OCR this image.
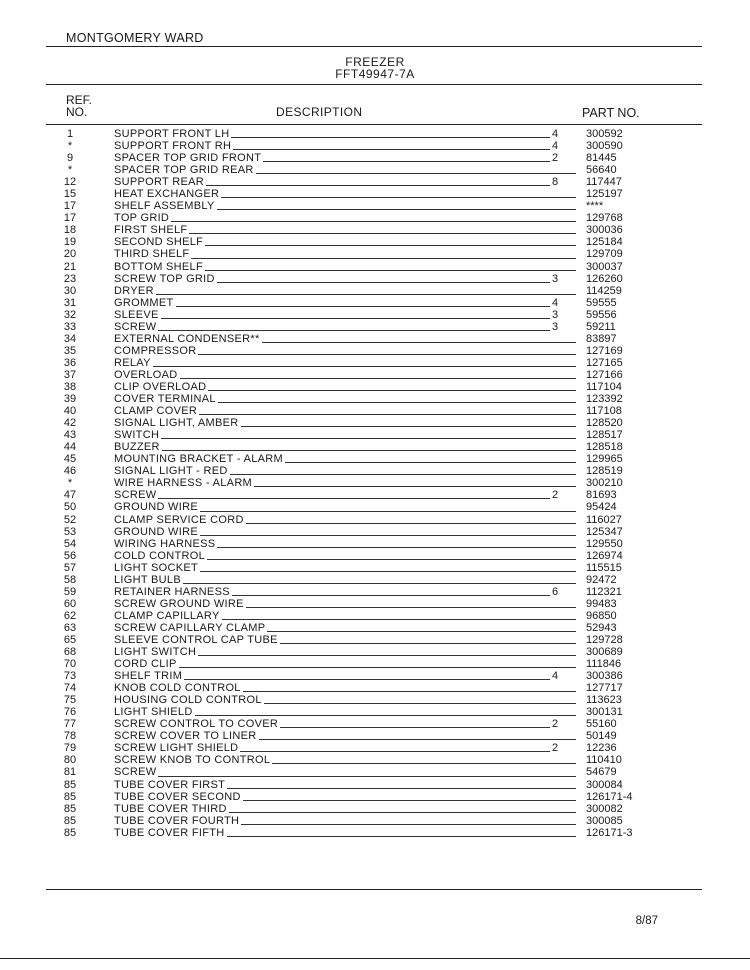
MONTGOMERY WARD
FREEZER
FFT49947-7A
REF.
NO.	DESCRIPTION	PART NO.
1	SUPPORT FRONT LH	4	300592
*	SUPPORT FRONT RH	4	300590
9	SPACER TOP GRID FRONT	2	81445
*	SPACER TOP GRID REAR	56640
12	SUPPORT REAR	8	117447
15	HEAT EXCHANGER	125197
17	SHELF ASSEMBLY	****
17	TOP GRID	129768
18	FIRST SHELF	300036
19	SECOND SHELF	125184
20	THIRD SHELF	129709
21	BOTTOM SHELF	300037
23	SCREW TOP GRID	3	126260
30	DRYER	114259
31	GROMMET	4	59555
32	SLEEVE	3	59556
33	SCREW	3	59211
34	EXTERNAL CONDENSER**	83897
35	COMPRESSOR	127169
36	RELAY	127165
37	OVERLOAD	127166
38	CLIP OVERLOAD	117104
39	COVER TERMINAL	123392
40	CLAMP COVER	117108
42	SIGNAL LIGHT, AMBER	128520
43	SWITCH	128517
44	BUZZER	128518
45	MOUNTING BRACKET - ALARM	129965
46	SIGNAL LIGHT - RED	128519
*	WIRE HARNESS - ALARM	300210
47	SCREW	2	81693
50	GROUND WIRE	95424
52	CLAMP SERVICE CORD	116027
53	GROUND WIRE	125347
54	WIRING HARNESS	129550
56	COLD CONTROL	126974
57	LIGHT SOCKET	115515
58	LIGHT BULB	92472
59	RETAINER HARNESS	6	112321
60	SCREW GROUND WIRE	99483
62	CLAMP CAPILLARY	96850
63	SCREW CAPILLARY CLAMP	52943
65	SLEEVE CONTROL CAP TUBE	129728
68	LIGHT SWITCH	300689
70	CORD CLIP	111846
73	SHELF TRIM	4	300386
74	KNOB COLD CONTROL	127717
75	HOUSING COLD CONTROL	113623
76	LIGHT SHIELD	300131
77	SCREW CONTROL TO COVER	2	55160
78	SCREW COVER TO LINER	50149
79	SCREW LIGHT SHIELD	2	12236
80	SCREW KNOB TO CONTROL	110410
81	SCREW	54679
85	TUBE COVER FIRST	300084
85	TUBE COVER SECOND	126171-4
85	TUBE COVER THIRD	300082
85	TUBE COVER FOURTH	300085
85	TUBE COVER FIFTH	126171-3
8/87
